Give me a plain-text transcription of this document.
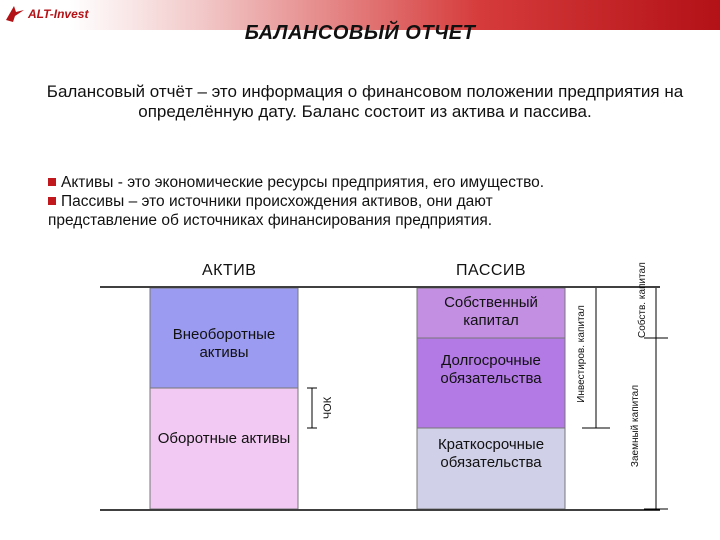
ALT-Invest
БАЛАНСОВЫЙ ОТЧЕТ
Балансовый отчёт – это информация о финансовом положении предприятия на определённую дату. Баланс состоит из актива и пассива.
Активы - это экономические ресурсы предприятия, его имущество.
Пассивы – это источники происхождения активов, они дают
представление об источниках финансирования предприятия.
АКТИВ	ПАССИВ
Внеоборотные активы
Оборотные активы
Собственный капитал
Долгосрочные обязательства
Краткосрочные обязательства
ЧОК
Инвестиров. капитал
Собств. капитал
Заемный капитал
